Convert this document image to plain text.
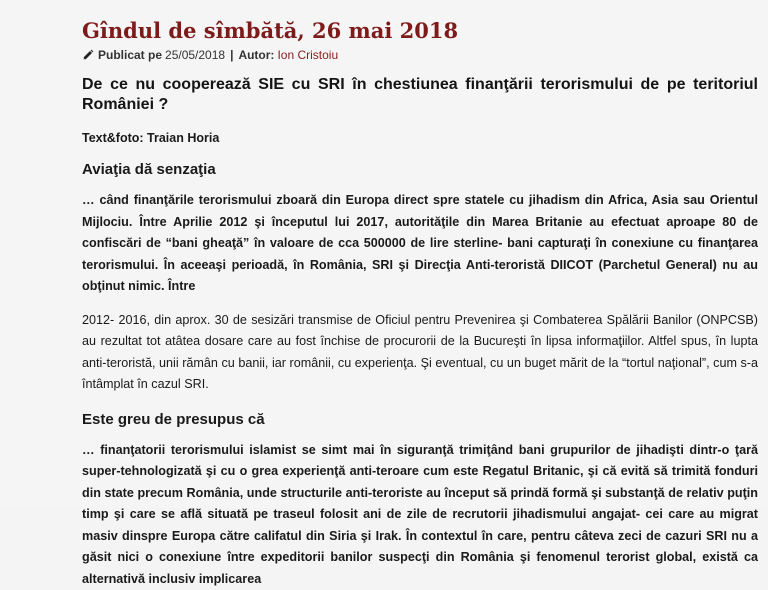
Gîndul de sîmbătă, 26 mai 2018
Publicat pe 25/05/2018 | Autor: Ion Cristoiu
De ce nu cooperează SIE cu SRI în chestiunea finanţării terorismului de pe teritoriul României ?
Text&foto: Traian Horia
Aviaţia dă senzaţia

… când finanţările terorismului zboară din Europa direct spre statele cu jihadism din Africa, Asia sau Orientul Mijlociu. Între Aprilie 2012 şi începutul lui 2017, autorităţile din Marea Britanie au efectuat aproape 80 de confiscări de “bani gheaţă” în valoare de cca 500000 de lire sterline- bani capturaţi în conexiune cu finanţarea terorismului. În aceeaşi perioadă, în România, SRI şi Direcţia Anti-teroristă DIICOT (Parchetul General) nu au obţinut nimic. Între

2012- 2016, din aprox. 30 de sesizări transmise de Oficiul pentru Prevenirea şi Combaterea Spălării Banilor (ONPCSB) au rezultat tot atâtea dosare care au fost închise de procurorii de la Bucureşti în lipsa informaţiilor. Altfel spus, în lupta anti-teroristă, unii rămân cu banii, iar românii, cu experienţa. Şi eventual, cu un buget mărit de la “tortul naţional”, cum s-a întâmplat în cazul SRI.

Este greu de presupus că

… finanţatorii terorismului islamist se simt mai în siguranţă trimiţând bani grupurilor de jihadişti dintr-o ţară super-tehnologizată şi cu o grea experienţă anti-teroare cum este Regatul Britanic, şi că evită să trimită fonduri din state precum România, unde structurile anti-teroriste au început să prindă formă şi substanţă de relativ puţin timp şi care se află situată pe traseul folosit ani de zile de recrutorii jihadismului angajat- cei care au migrat masiv dinspre Europa către califatul din Siria şi Irak. În contextul în care, pentru câteva zeci de cazuri SRI nu a găsit nici o conexiune între expeditorii banilor suspecţi din România şi fenomenul terorist global, există ca alternativă inclusiv implicarea
